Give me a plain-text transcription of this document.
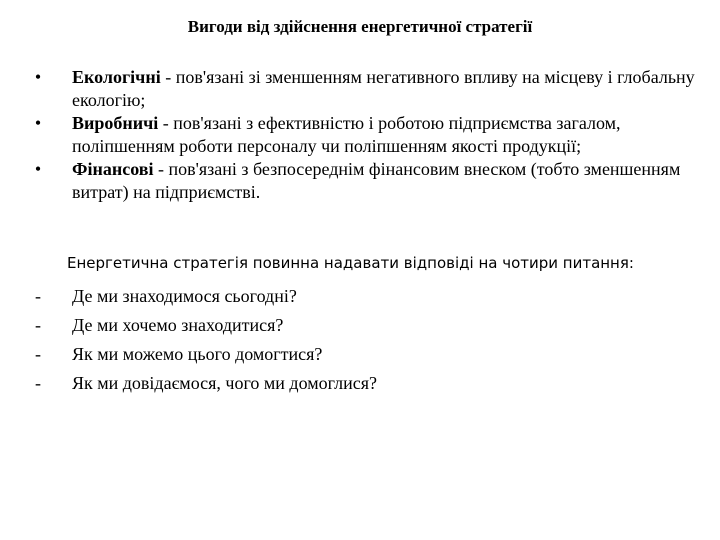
Вигоди від здійснення енергетичної стратегії
•	Екологічні - пов'язані зі зменшенням негативного впливу на місцеву і глобальну екологію;
•	Виробничі - пов'язані з ефективністю і роботою підприємства загалом, поліпшенням роботи персоналу чи поліпшенням якості продукції;
•	Фінансові - пов'язані з безпосереднім фінансовим внеском (тобто зменшенням витрат) на підприємстві.
Енергетична стратегія повинна надавати відповіді на чотири питання:
-	Де ми знаходимося сьогодні?
-	Де ми хочемо знаходитися?
-	Як ми можемо цього домогтися?
-	Як ми довідаємося, чого ми домоглися?
